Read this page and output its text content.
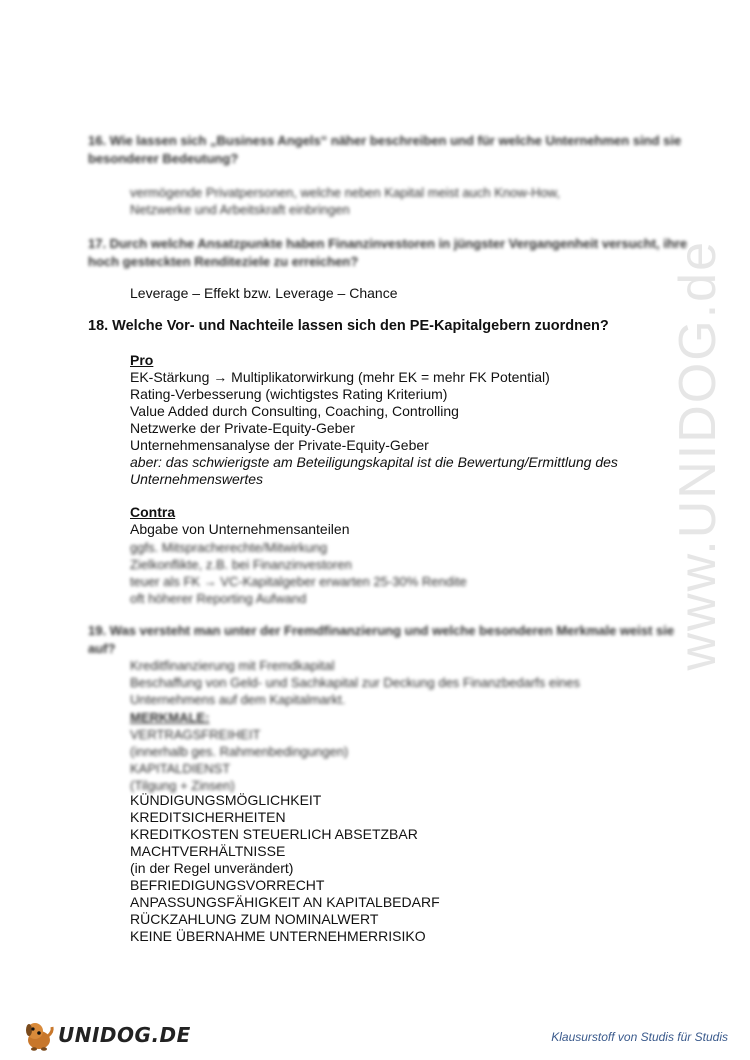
www.UNIDOG.de
16. Wie lassen sich „Business Angels“ näher beschreiben und für welche Unternehmen sind sie besonderer Bedeutung?
vermögende Privatpersonen, welche neben Kapital meist auch Know-How,
Netzwerke und Arbeitskraft einbringen
17. Durch welche Ansatzpunkte haben Finanzinvestoren in jüngster Vergangenheit versucht, ihre hoch gesteckten Renditeziele zu erreichen?
Leverage – Effekt bzw. Leverage – Chance
18. Welche Vor- und Nachteile lassen sich den PE-Kapitalgebern zuordnen?
Pro
EK-Stärkung → Multiplikatorwirkung (mehr EK = mehr FK Potential)
Rating-Verbesserung (wichtigstes Rating Kriterium)
Value Added durch Consulting, Coaching, Controlling
Netzwerke der Private-Equity-Geber
Unternehmensanalyse der Private-Equity-Geber
aber: das schwierigste am Beteiligungskapital ist die Bewertung/Ermittlung des
Unternehmenswertes
Contra
Abgabe von Unternehmensanteilen
ggfs. Mitspracherechte/Mitwirkung
Zielkonflikte, z.B. bei Finanzinvestoren
teuer als FK → VC-Kapitalgeber erwarten 25-30% Rendite
oft höherer Reporting Aufwand
19. Was versteht man unter der Fremdfinanzierung und welche besonderen Merkmale weist sie auf?
Kreditfinanzierung mit Fremdkapital
Beschaffung von Geld- und Sachkapital zur Deckung des Finanzbedarfs eines
Unternehmens auf dem Kapitalmarkt.
MERKMALE:
VERTRAGSFREIHEIT
(innerhalb ges. Rahmenbedingungen)
KAPITALDIENST
(Tilgung + Zinsen)
KÜNDIGUNGSMÖGLICHKEIT
KREDITSICHERHEITEN
KREDITKOSTEN STEUERLICH ABSETZBAR
MACHTVERHÄLTNISSE
(in der Regel unverändert)
BEFRIEDIGUNGSVORRECHT
ANPASSUNGSFÄHIGKEIT AN KAPITALBEDARF
RÜCKZAHLUNG ZUM NOMINALWERT
KEINE ÜBERNAHME UNTERNEHMERRISIKO
UNIDOG.DE	Klausurstoff von Studis für Studis
